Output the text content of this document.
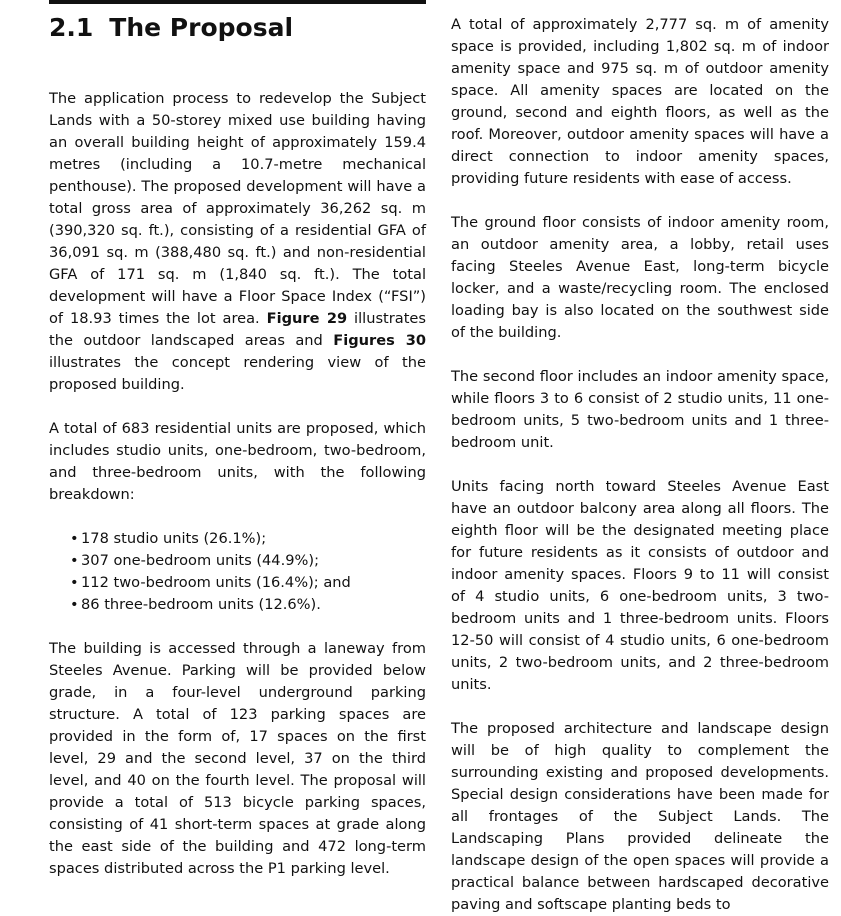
2.1 The Proposal

The application process to redevelop the Subject Lands with a 50-storey mixed use building having an overall building height of approximately 159.4 metres (including a 10.7-metre mechanical penthouse). The proposed development will have a total gross area of approximately 36,262 sq. m (390,320 sq. ft.), consisting of a residential GFA of 36,091 sq. m (388,480 sq. ft.) and non-residential GFA of 171 sq. m (1,840 sq. ft.). The total development will have a Floor Space Index (“FSI”) of 18.93 times the lot area. Figure 29 illustrates the outdoor landscaped areas and Figures 30 illustrates the concept rendering view of the proposed building.

A total of 683 residential units are proposed, which includes studio units, one-bedroom, two-bedroom, and three-bedroom units, with the following breakdown:

• 178 studio units (26.1%);
• 307 one-bedroom units (44.9%);
• 112 two-bedroom units (16.4%); and
• 86 three-bedroom units (12.6%).

The building is accessed through a laneway from Steeles Avenue. Parking will be provided below grade, in a four-level underground parking structure. A total of 123 parking spaces are provided in the form of, 17 spaces on the first level, 29 and the second level, 37 on the third level, and 40 on the fourth level. The proposal will provide a total of 513 bicycle parking spaces, consisting of 41 short-term spaces at grade along the east side of the building and 472 long-term spaces distributed across the P1 parking level.

A total of approximately 2,777 sq. m of amenity space is provided, including 1,802 sq. m of indoor amenity space and 975 sq. m of outdoor amenity space. All amenity spaces are located on the ground, second and eighth floors, as well as the roof. Moreover, outdoor amenity spaces will have a direct connection to indoor amenity spaces, providing future residents with ease of access.

The ground floor consists of indoor amenity room, an outdoor amenity area, a lobby, retail uses facing Steeles Avenue East, long-term bicycle locker, and a waste/recycling room. The enclosed loading bay is also located on the southwest side of the building.

The second floor includes an indoor amenity space, while floors 3 to 6 consist of 2 studio units, 11 one-bedroom units, 5 two-bedroom units and 1 three-bedroom unit.

Units facing north toward Steeles Avenue East have an outdoor balcony area along all floors. The eighth floor will be the designated meeting place for future residents as it consists of outdoor and indoor amenity spaces. Floors 9 to 11 will consist of 4 studio units, 6 one-bedroom units, 3 two-bedroom units and 1 three-bedroom units. Floors 12-50 will consist of 4 studio units, 6 one-bedroom units, 2 two-bedroom units, and 2 three-bedroom units.

The proposed architecture and landscape design will be of high quality to complement the surrounding existing and proposed developments. Special design considerations have been made for all frontages of the Subject Lands. The Landscaping Plans provided delineate the landscape design of the open spaces will provide a practical balance between hardscaped decorative paving and softscape planting beds to
